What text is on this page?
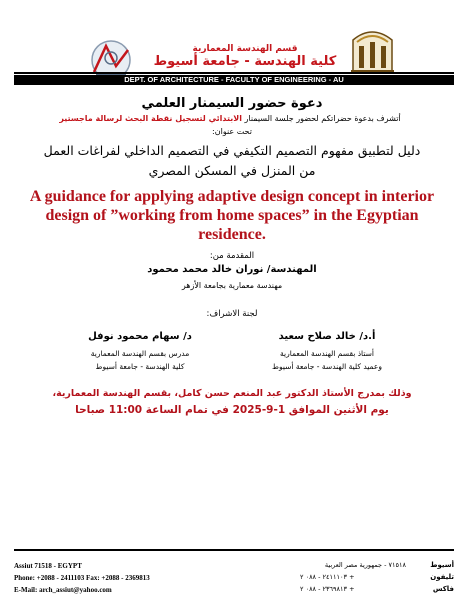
قسم الهندسة المعمارية
كلية الهندسة - جامعة أسيوط
DEPT. OF ARCHITECTURE - FACULTY OF ENGINEERING - AU
دعوة حضور السيمنار العلمي
أتشرف بدعوة حضراتكم لحضور جلسة السيمنار الابتدائي لتسجيل نقطة البحث لرسالة ماجستير
تحت عنوان:
دليل لتطبيق مفهوم التصميم التكيفي في التصميم الداخلي لفراغات العمل
من المنزل في المسكن المصري
A guidance for applying adaptive design concept in interior design of ”working from home spaces” in the Egyptian residence.
المقدمة من:
المهندسة/ نوران خالد محمد محمود
مهندسة معمارية بجامعة الأزهر
لجنة الاشراف:
أ.د/ خالد صلاح سعيد
أستاذ بقسم الهندسة المعمارية
وعميد كلية الهندسة - جامعة أسيوط
د/ سهام محمود نوفل
مدرس بقسم الهندسة المعمارية
كلية الهندسة - جامعة أسيوط
وذلك بمدرج الأستاذ الدكتور عبد المنعم حسن كامل، بقسم الهندسة المعمارية،
يوم الأثنين الموافق 1-9-2025 في تمام الساعة 11:00 صباحا
Assiut 71518 - EGYPT
Phone: +2088 - 2411103 Fax: +2088 - 2369813
E-Mail: arch_assiut@yahoo.com
أسيوط
٧١٥١٨ - جمهورية مصر العربية
تليفون
٢٤١١١٠٣ - ٠٨٨ ٢ +
فاكس
٢٣٦٩٨١٣ - ٠٨٨ ٢ +
